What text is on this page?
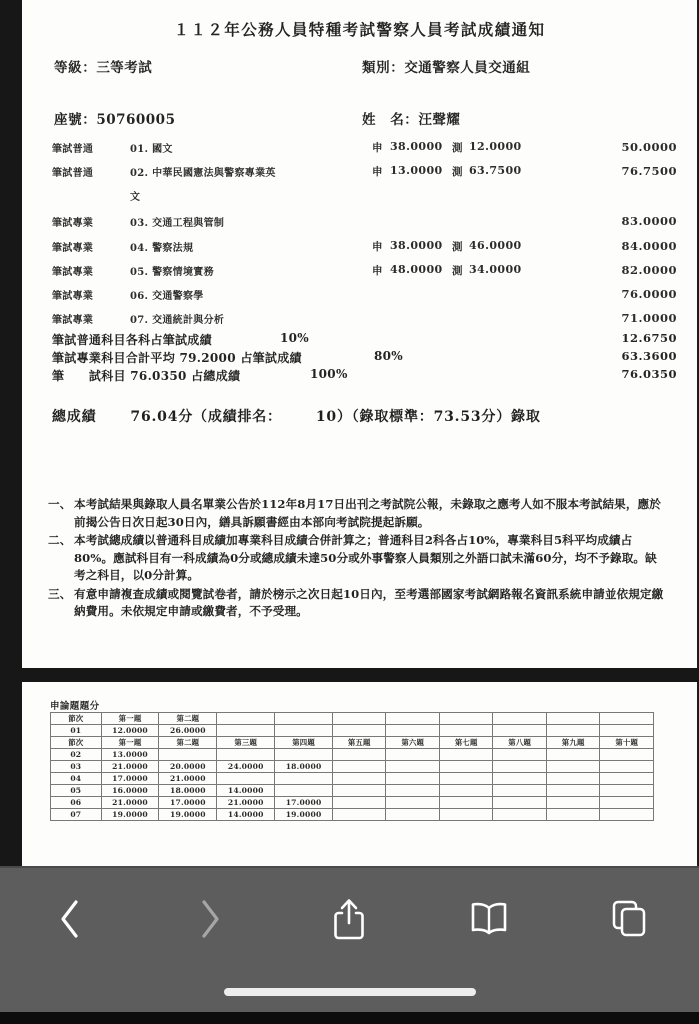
１１２年公務人員特種考試警察人員考試成績通知
等級：三等考試	類別：交通警察人員交通組
座號：50760005	姓　名：汪聲耀
筆試普通	01. 國文	申 38.0000 測 12.0000	50.0000
筆試普通	02. 中華民國憲法與警察專業英	申 13.0000 測 63.7500	76.7500
文
筆試專業	03. 交通工程與管制	83.0000
筆試專業	04. 警察法規	申 38.0000 測 46.0000	84.0000
筆試專業	05. 警察情境實務	申 48.0000 測 34.0000	82.0000
筆試專業	06. 交通警察學	76.0000
筆試專業	07. 交通統計與分析	71.0000
筆試普通科目各科占筆試成績	10%	12.6750
筆試專業科目合計平均 79.2000 占筆試成績	80%	63.3600
筆　　試科目 76.0350 占總成績	100%	76.0350
總成績 76.04分（成績排名： 10）（錄取標準：73.53分）錄取
一、 本考試結果與錄取人員名單業公告於112年8月17日出刊之考試院公報，未錄取之應考人如不服本考試結果，應於前揭公告日次日起30日內，繕具訴願書經由本部向考試院提起訴願。
二、 本考試總成績以普通科目成績加專業科目成績合併計算之；普通科目2科各占10%，專業科目5科平均成績占80%。應試科目有一科成績為0分或總成績未達50分或外事警察人員類別之外語口試未滿60分，均不予錄取。缺考之科目，以0分計算。
三、 有意申請複查成績或閱覽試卷者，請於榜示之次日起10日內，至考選部國家考試網路報名資訊系統申請並依規定繳納費用。未依規定申請或繳費者，不予受理。
申論題題分
節次	第一題	第二題								
01	12.0000	26.0000								
節次	第一題	第二題	第三題	第四題	第五題	第六題	第七題	第八題	第九題	第十題
02	13.0000									
03	21.0000	20.0000	24.0000	18.0000						
04	17.0000	21.0000								
05	16.0000	18.0000	14.0000							
06	21.0000	17.0000	21.0000	17.0000						
07	19.0000	19.0000	14.0000	19.0000						
